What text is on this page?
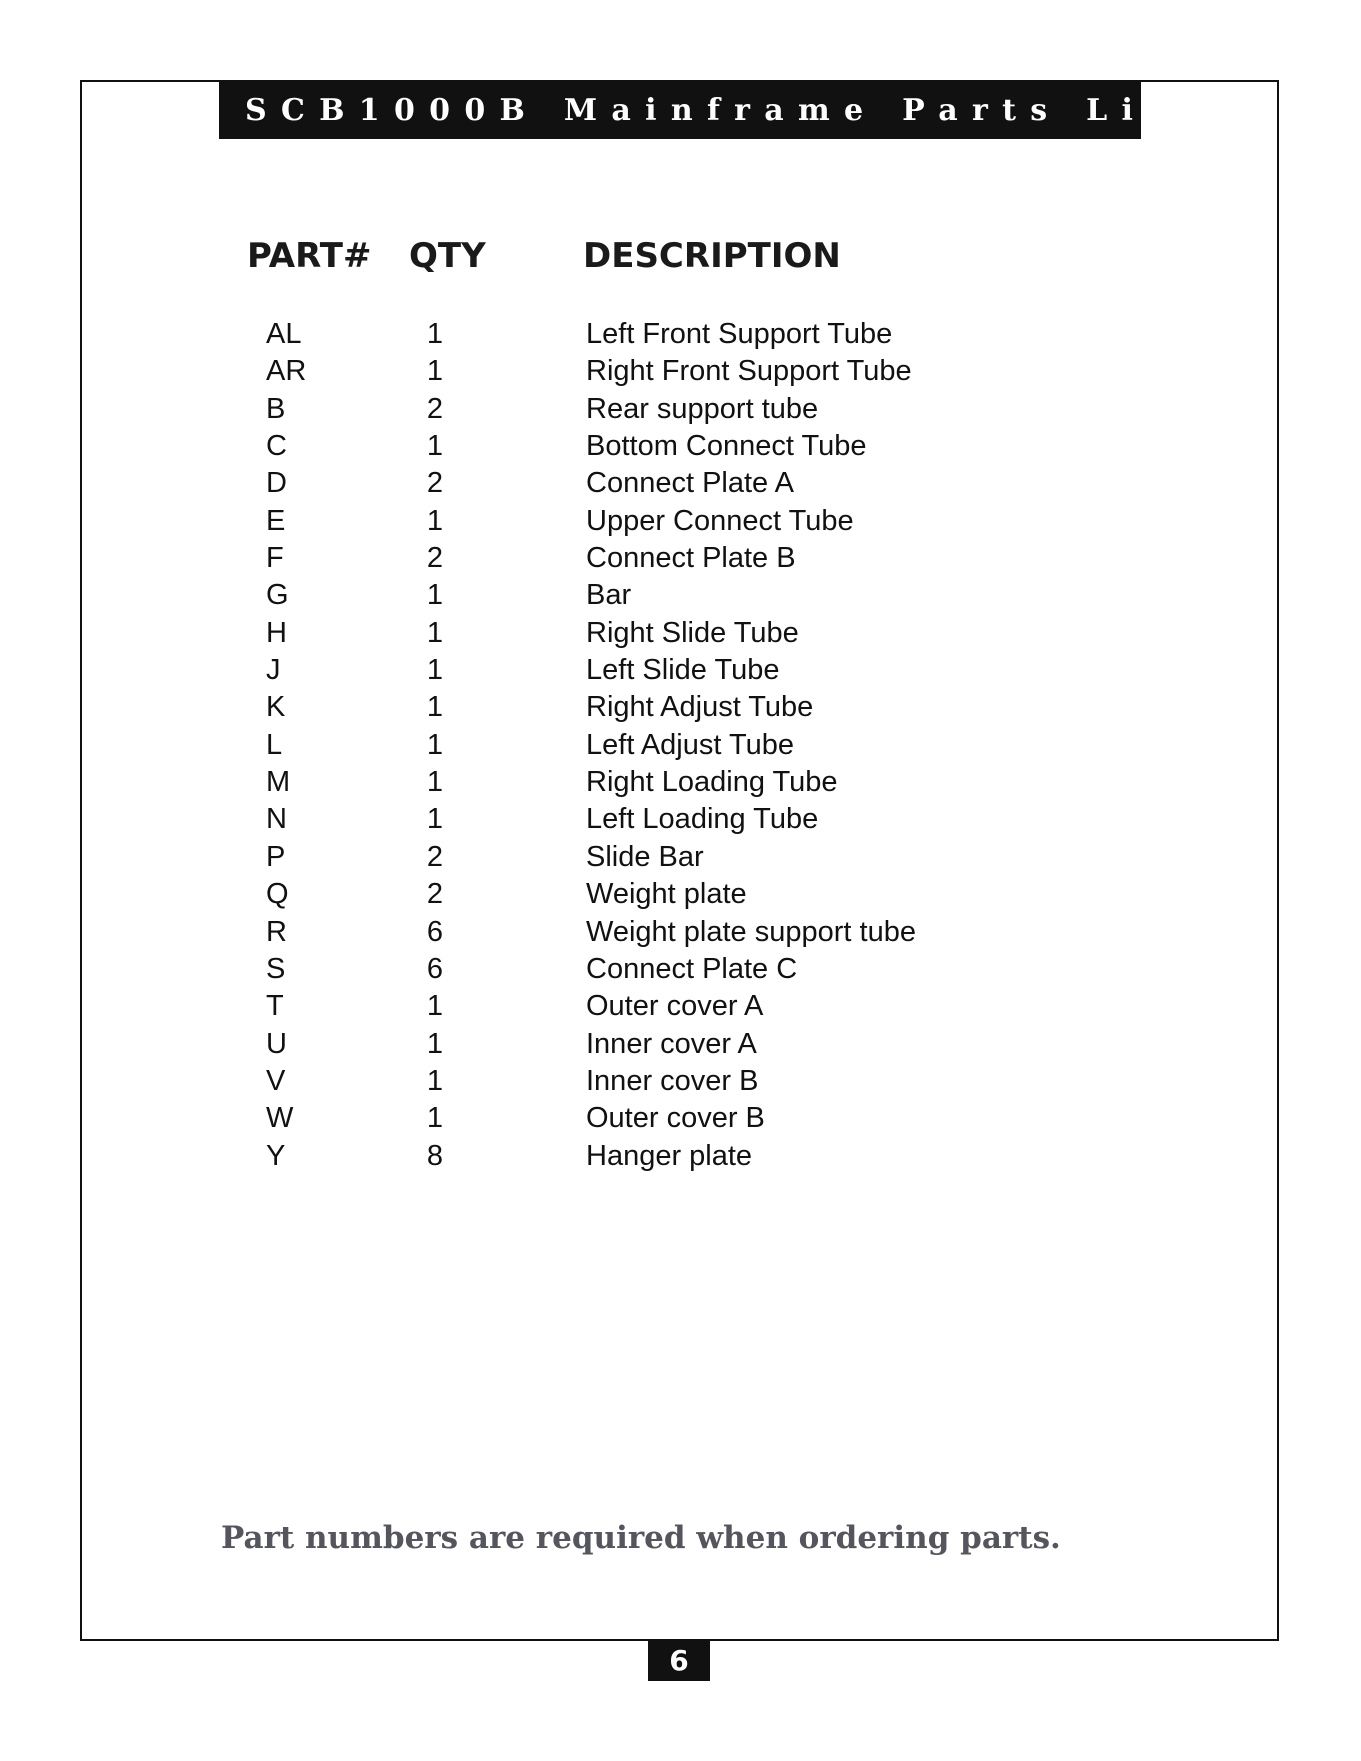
SCB1000B Mainframe Parts List
PART# QTY	DESCRIPTION
AL	1	Left Front Support Tube
AR	1	Right Front Support Tube
B	2	Rear support tube
C	1	Bottom Connect Tube
D	2	Connect Plate A
E	1	Upper Connect Tube
F	2	Connect Plate B
G	1	Bar
H	1	Right Slide Tube
J	1	Left Slide Tube
K	1	Right Adjust Tube
L	1	Left Adjust Tube
M	1	Right Loading Tube
N	1	Left Loading Tube
P	2	Slide Bar
Q	2	Weight plate
R	6	Weight plate support tube
S	6	Connect Plate C
T	1	Outer cover A
U	1	Inner cover A
V	1	Inner cover B
W	1	Outer cover B
Y	8	Hanger plate
Part numbers are required when ordering parts.
6
